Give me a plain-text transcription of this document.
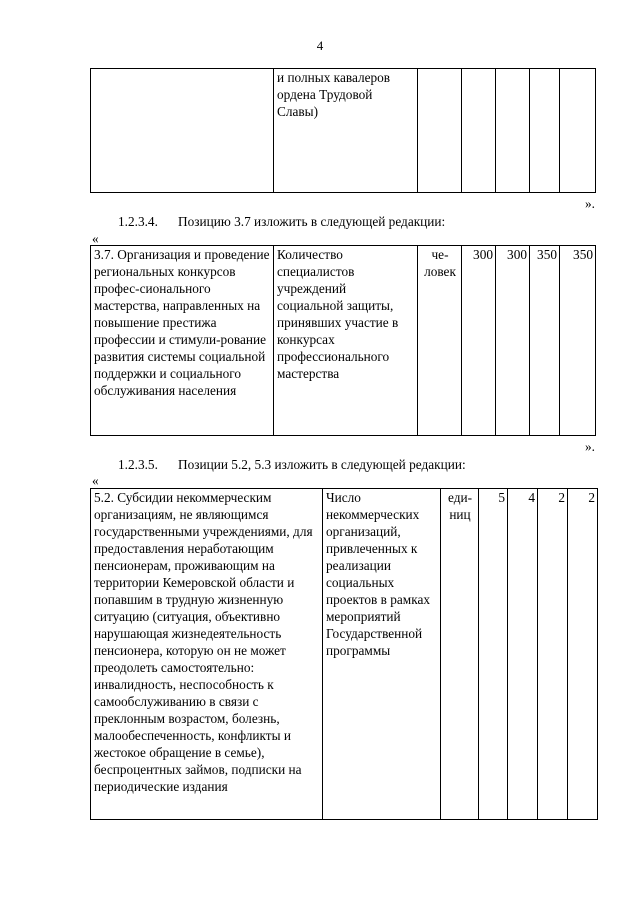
4
	и полных кавалеров ордена Трудовой Славы)					
».
1.2.3.4. Позицию 3.7 изложить в следующей редакции:
«
3.7. Организация и проведение региональных конкурсов профес-сионального мастерства, направленных на повышение престижа профессии и стимули-рование развития системы социальной поддержки и социального обслуживания населения	Количество специалистов учреждений социальной защиты, принявших участие в конкурсах профессионального мастерства	че-ловек	300	300	350	350
».
1.2.3.5. Позиции 5.2, 5.3 изложить в следующей редакции:
«
5.2. Субсидии некоммерческим организациям, не являющимся государственными учреждениями, для предоставления неработающим пенсионерам, проживающим на территории Кемеровской области и попавшим в трудную жизненную ситуацию (ситуация, объективно нарушающая жизнедеятельность пенсионера, которую он не может преодолеть самостоятельно: инвалидность, неспособность к самообслуживанию в связи с преклонным возрастом, болезнь, малообеспеченность, конфликты и жестокое обращение в семье), беспроцентных займов, подписки на периодические издания	Число некоммерческих организаций, привлеченных к реализации социальных проектов в рамках мероприятий Государственной программы	еди-ниц	5	4	2	2
